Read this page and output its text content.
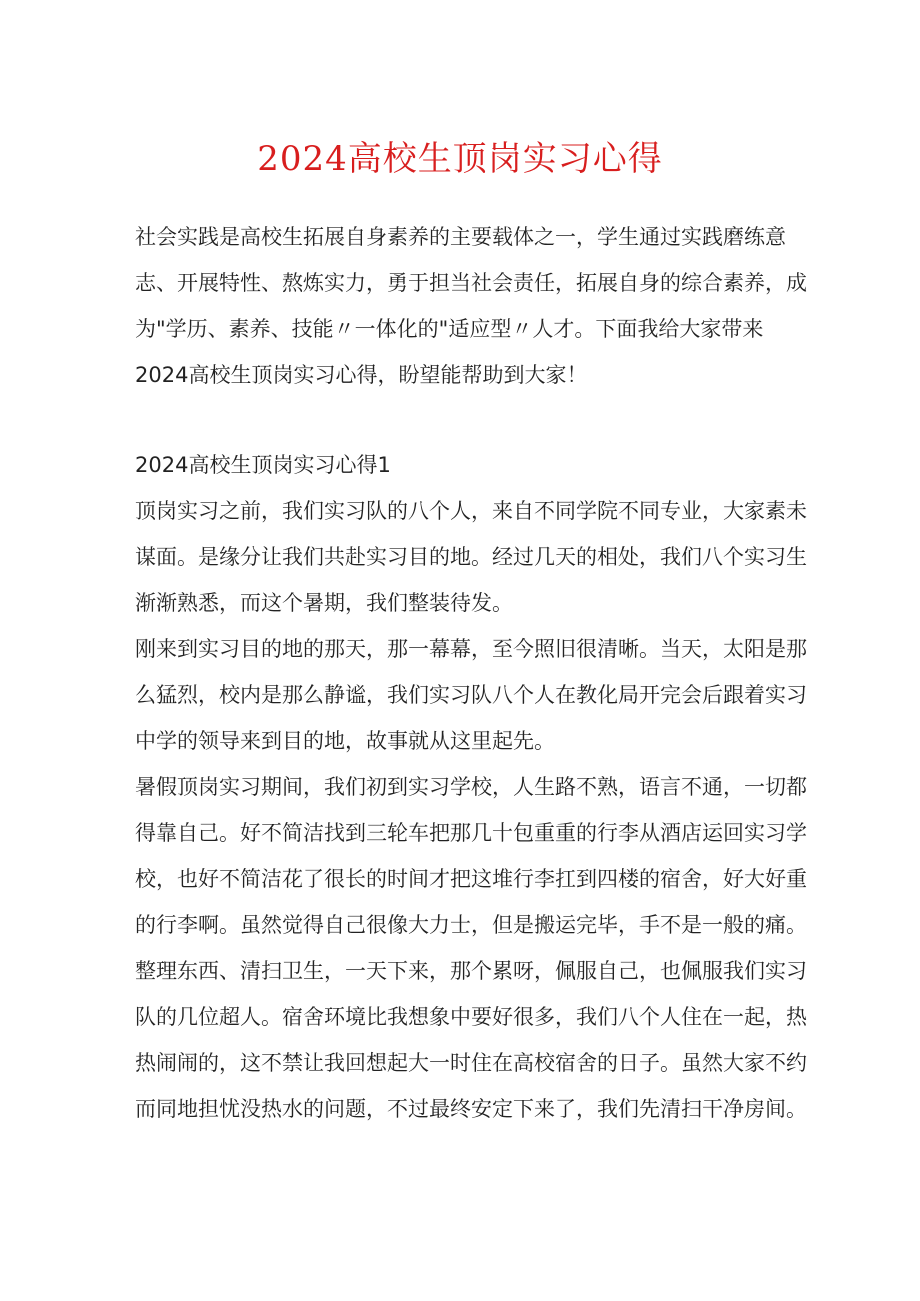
2024高校生顶岗实习心得

社会实践是高校生拓展自身素养的主要载体之一，学生通过实践磨练意志、开展特性、熬炼实力，勇于担当社会责任，拓展自身的综合素养，成为"学历、素养、技能〃一体化的"适应型〃人才。下面我给大家带来2024高校生顶岗实习心得，盼望能帮助到大家！

2024高校生顶岗实习心得1

顶岗实习之前，我们实习队的八个人，来自不同学院不同专业，大家素未谋面。是缘分让我们共赴实习目的地。经过几天的相处，我们八个实习生渐渐熟悉，而这个暑期，我们整装待发。

刚来到实习目的地的那天，那一幕幕，至今照旧很清晰。当天，太阳是那么猛烈，校内是那么静谧，我们实习队八个人在教化局开完会后跟着实习中学的领导来到目的地，故事就从这里起先。

暑假顶岗实习期间，我们初到实习学校，人生路不熟，语言不通，一切都得靠自己。好不简洁找到三轮车把那几十包重重的行李从酒店运回实习学校，也好不简洁花了很长的时间才把这堆行李扛到四楼的宿舍，好大好重的行李啊。虽然觉得自己很像大力士，但是搬运完毕，手不是一般的痛。整理东西、清扫卫生，一天下来，那个累呀，佩服自己，也佩服我们实习队的几位超人。宿舍环境比我想象中要好很多，我们八个人住在一起，热热闹闹的，这不禁让我回想起大一时住在高校宿舍的日子。虽然大家不约而同地担忧没热水的问题，不过最终安定下来了，我们先清扫干净房间。
